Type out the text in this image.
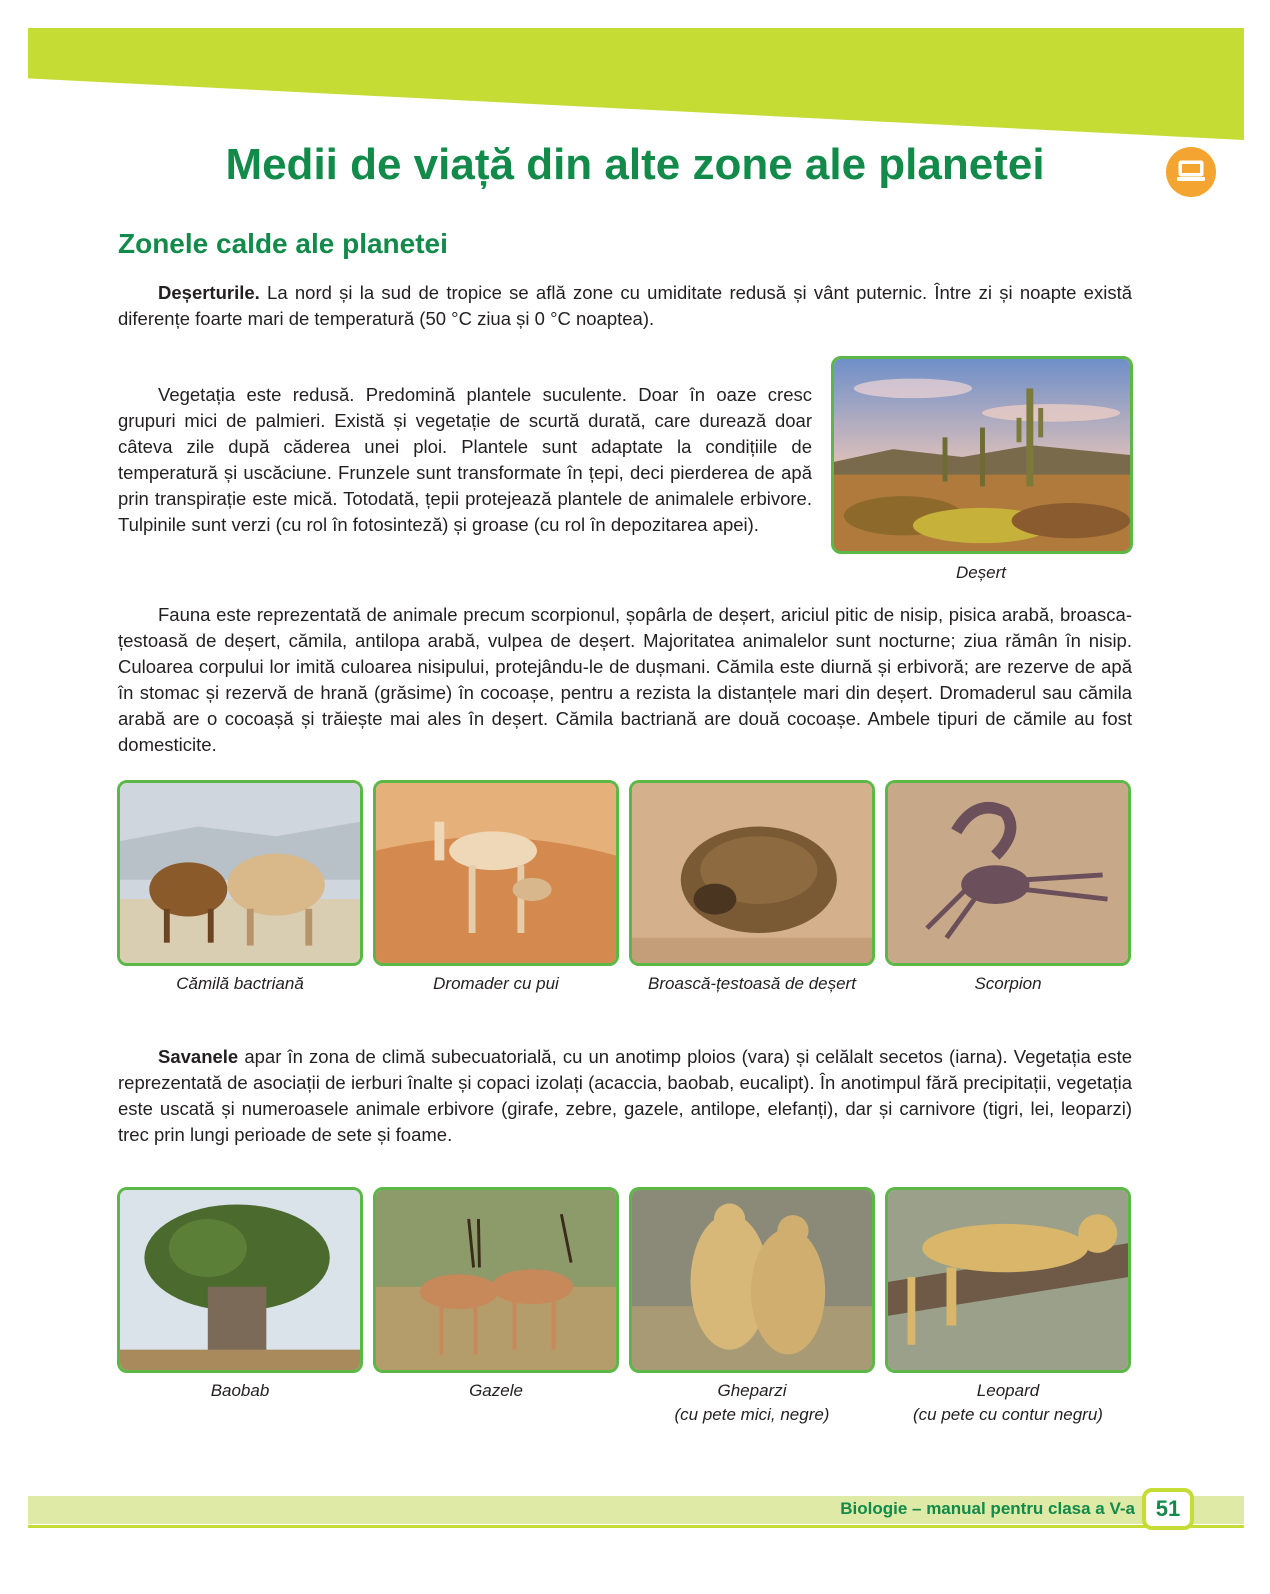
Medii de viață din alte zone ale planetei
Zonele calde ale planetei

Deșerturile. La nord și la sud de tropice se află zone cu umiditate redusă și vânt puternic. Între zi și noapte există diferențe foarte mari de temperatură (50 °C ziua și 0 °C noaptea).

Vegetația este redusă. Predomină plantele suculente. Doar în oaze cresc grupuri mici de palmieri. Există și vegetație de scurtă durată, care durează doar câteva zile după căderea unei ploi. Plantele sunt adaptate la condițiile de temperatură și uscăciune. Frunzele sunt transformate în țepi, deci pierderea de apă prin transpirație este mică. Totodată, țepii protejează plantele de animalele erbivore. Tulpinile sunt verzi (cu rol în fotosinteză) și groase (cu rol în depozitarea apei).

Deșert

Fauna este reprezentată de animale precum scorpionul, șopârla de deșert, ariciul pitic de nisip, pisica arabă, broasca-țestoasă de deșert, cămila, antilopa arabă, vulpea de deșert. Majoritatea animalelor sunt nocturne; ziua rămân în nisip. Culoarea corpului lor imită culoarea nisipului, protejându-le de dușmani. Cămila este diurnă și erbivoră; are rezerve de apă în stomac și rezervă de hrană (grăsime) în cocoașe, pentru a rezista la distanțele mari din deșert. Dromaderul sau cămila arabă are o cocoașă și trăiește mai ales în deșert. Cămila bactriană are două cocoașe. Ambele tipuri de cămile au fost domesticite.

Cămilă bactriană	Dromader cu pui	Broască-țestoasă de deșert	Scorpion

Savanele apar în zona de climă subecuatorială, cu un anotimp ploios (vara) și celălalt secetos (iarna). Vegetația este reprezentată de asociații de ierburi înalte și copaci izolați (acaccia, baobab, eucalipt). În anotimpul fără precipitații, vegetația este uscată și numeroasele animale erbivore (girafe, zebre, gazele, antilope, elefanți), dar și carnivore (tigri, lei, leoparzi) trec prin lungi perioade de sete și foame.

Baobab	Gazele	Gheparzi
(cu pete mici, negre)
Leopard
(cu pete cu contur negru)
Biologie – manual pentru clasa a V-a 51
